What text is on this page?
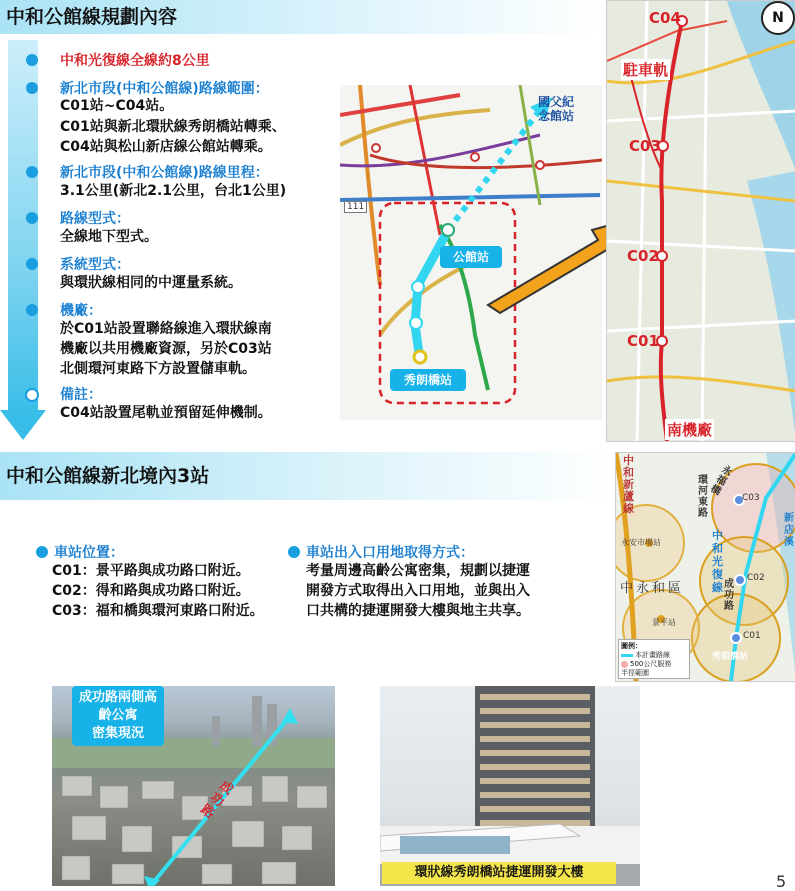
中和公館線規劃內容
中和光復線全線約8公里
新北市段(中和公館線)路線範圍：
C01站~C04站。
C01站與新北環狀線秀朗橋站轉乘、
C04站與松山新店線公館站轉乘。
新北市段(中和公館線)路線里程：
3.1公里(新北2.1公里，台北1公里)
路線型式：
全線地下型式。
系統型式：
與環狀線相同的中運量系統。
機廠：
於C01站設置聯絡線進入環狀線南
機廠以共用機廠資源，另於C03站
北側環河東路下方設置儲車軌。
備註：
C04站設置尾軌並預留延伸機制。
111
國父紀
念館站
公館站
秀朗橋站
N
C04
駐車軌
C03
C02
C01
南機廠
中和公館線新北境內3站
車站位置：
C01：景平路與成功路口附近。
C02：得和路與成功路口附近。
C03：福和橋與環河東路口附近。
車站出入口用地取得方式：
考量周邊高齡公寓密集，規劃以捷運
開發方式取得出入口用地，並與出入
口共構的捷運開發大樓與地主共享。
中和新蘆線
環河東路
永福橋
中和光復線 成功路
C03
C02
C01
永安市場站
中永和區
景平站
秀朗橋站
新店溪
圖例：
本計畫路線
500公尺服務
半徑範圍
成功路兩側高
齡公寓
密集現況
成功路
環狀線秀朗橋站捷運開發大樓	5
